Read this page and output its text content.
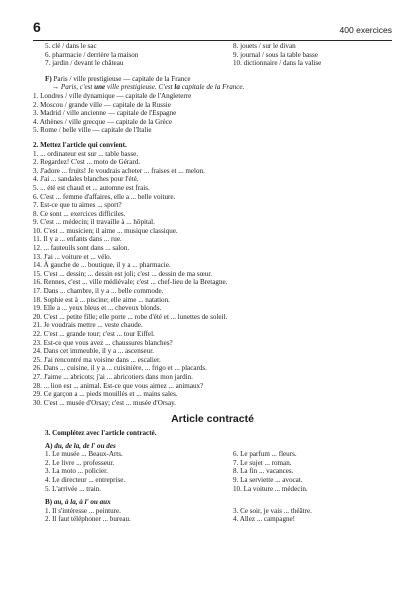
6	400 exercices
5. clé / dans le sac
6. pharmacie / derrière la maison
7. jardin / devant le château
8. jouets / sur le divan
9. journal / sous la table basse
10. dictionnaire / dans la valise
F) Paris / ville prestigieuse — capitale de la France
→ Paris, c'est une ville prestigieuse. C'est la capitale de la France.
1. Londres / ville dynamique — capitale de l'Angleterre
2. Moscou / grande ville — capitale de la Russie
3. Madrid / ville ancienne — capitale de l'Espagne
4. Athènes / ville grecque — capitale de la Grèce
5. Rome / belle ville — capitale de l'Italie
2. Mettez l'article qui convient.
1. ... ordinateur est sur ... table basse.
2. Regardez! C'est ... moto de Gérard.
3. J'adore ... fruits! Je voudrais acheter ... fraises et ... melon.
4. J'ai ... sandales blanches pour l'été.
5. ... été est chaud et ... automne est frais.
6. C'est ... femme d'affaires, elle a ... belle voiture.
7. Est-ce que tu aimes ... sport?
8. Ce sont ... exercices difficiles.
9. C'est ... médecin; il travaille à ... hôpital.
10. C'est ... musicien; il aime ... musique classique.
11. Il y a ... enfants dans ... rue.
12. ... fauteuils sont dans ... salon.
13. J'ai ... voiture et ... vélo.
14. À gauche de ... boutique, il y a ... pharmacie.
15. C'est ... dessin; ... dessin est joli; c'est ... dessin de ma sœur.
16. Rennes, c'est ... ville médiévale; c'est ... chef-lieu de la Bretagne.
17. Dans ... chambre, il y a ... belle commode.
18. Sophie est à ... piscine; elle aime ... natation.
19. Elle a ... yeux bleus et ... cheveux blonds.
20. C'est ... petite fille; elle porte ... robe d'été et ... lunettes de soleil.
21. Je voudrais mettre ... veste chaude.
22. C'est ... grande tour; c'est ... tour Eiffel.
23. Est-ce que vous avez ... chaussures blanches?
24. Dans cet immeuble, il y a ... ascenseur.
25. J'ai rencontré ma voisine dans ... escalier.
26. Dans ... cuisine, il y a ... cuisinière, ... frigo et ... placards.
27. J'aime ... abricots; j'ai ... abricotiers dans mon jardin.
28. ... lion est ... animal. Est-ce que vous aimez ... animaux?
29. Ce garçon a ... pieds mouillés et ... mains sales.
30. C'est ... musée d'Orsay; c'est ... musée d'Orsay.
Article contracté
3. Complétez avec l'article contracté.
A) du, de la, de l' ou des
1. Le musée ... Beaux-Arts.
2. Le livre ... professeur.
3. La moto ... policier.
4. Le directeur ... entreprise.
5. L'arrivée ... train.
6. Le parfum ... fleurs.
7. Le sujet ... roman.
8. La fin ... vacances.
9. La serviette ... avocat.
10. La voiture ... médecin.
B) au, à la, à l' ou aux
1. Il s'intéresse ... peinture.
2. Il faut téléphoner ... bureau.
3. Ce soir, je vais ... théâtre.
4. Allez ... campagne!
